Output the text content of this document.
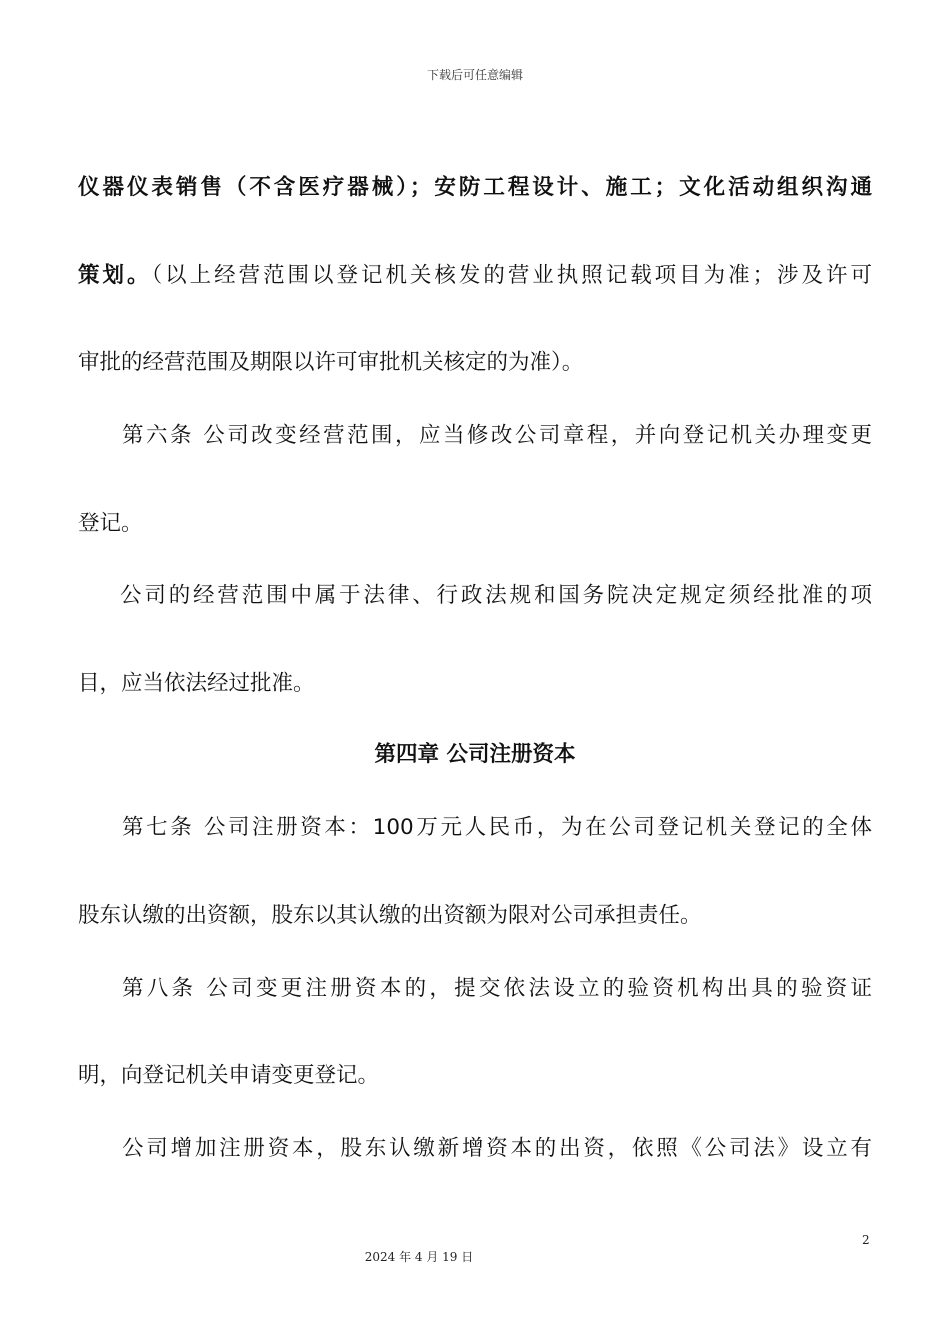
下载后可任意编辑
仪器仪表销售（不含医疗器械）；安防工程设计、施工；文化活动组织沟通
策划。（以上经营范围以登记机关核发的营业执照记载项目为准；涉及许可
审批的经营范围及期限以许可审批机关核定的为准）。
第六条 公司改变经营范围，应当修改公司章程，并向登记机关办理变更
登记。
公司的经营范围中属于法律、行政法规和国务院决定规定须经批准的项
目，应当依法经过批准。
第四章 公司注册资本
第七条 公司注册资本：100万元人民币，为在公司登记机关登记的全体
股东认缴的出资额，股东以其认缴的出资额为限对公司承担责任。
第八条 公司变更注册资本的，提交依法设立的验资机构出具的验资证
明，向登记机关申请变更登记。
公司增加注册资本，股东认缴新增资本的出资，依照《公司法》设立有
2
2024 年 4 月 19 日
